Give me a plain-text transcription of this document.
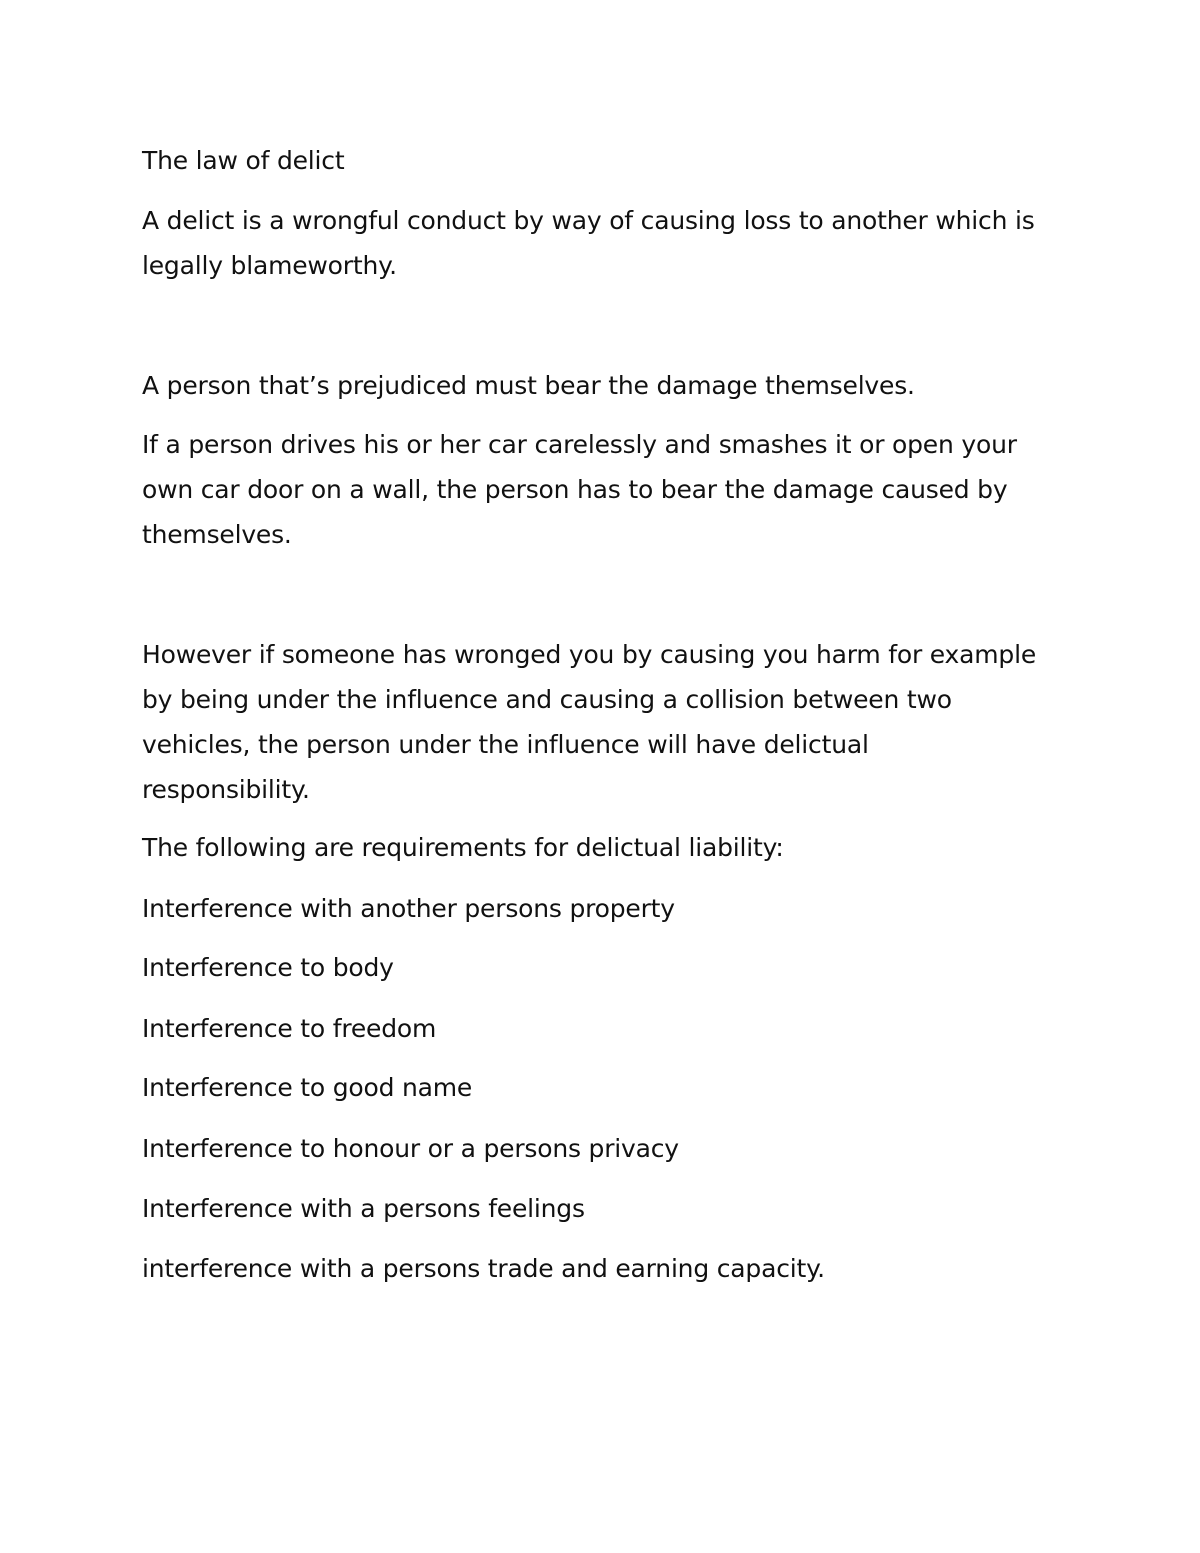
The law of delict

A delict is a wrongful conduct by way of causing loss to another which is legally blameworthy.

A person that’s prejudiced must bear the damage themselves.

If a person drives his or her car carelessly and smashes it or open your own car door on a wall, the person has to bear the damage caused by themselves.

However if someone has wronged you by causing you harm for example by being under the influence and causing a collision between two vehicles, the person under the influence will have delictual responsibility.

The following are requirements for delictual liability:

Interference with another persons property

Interference to body

Interference to freedom

Interference to good name

Interference to honour or a persons privacy

Interference with a persons feelings

interference with a persons trade and earning capacity.
